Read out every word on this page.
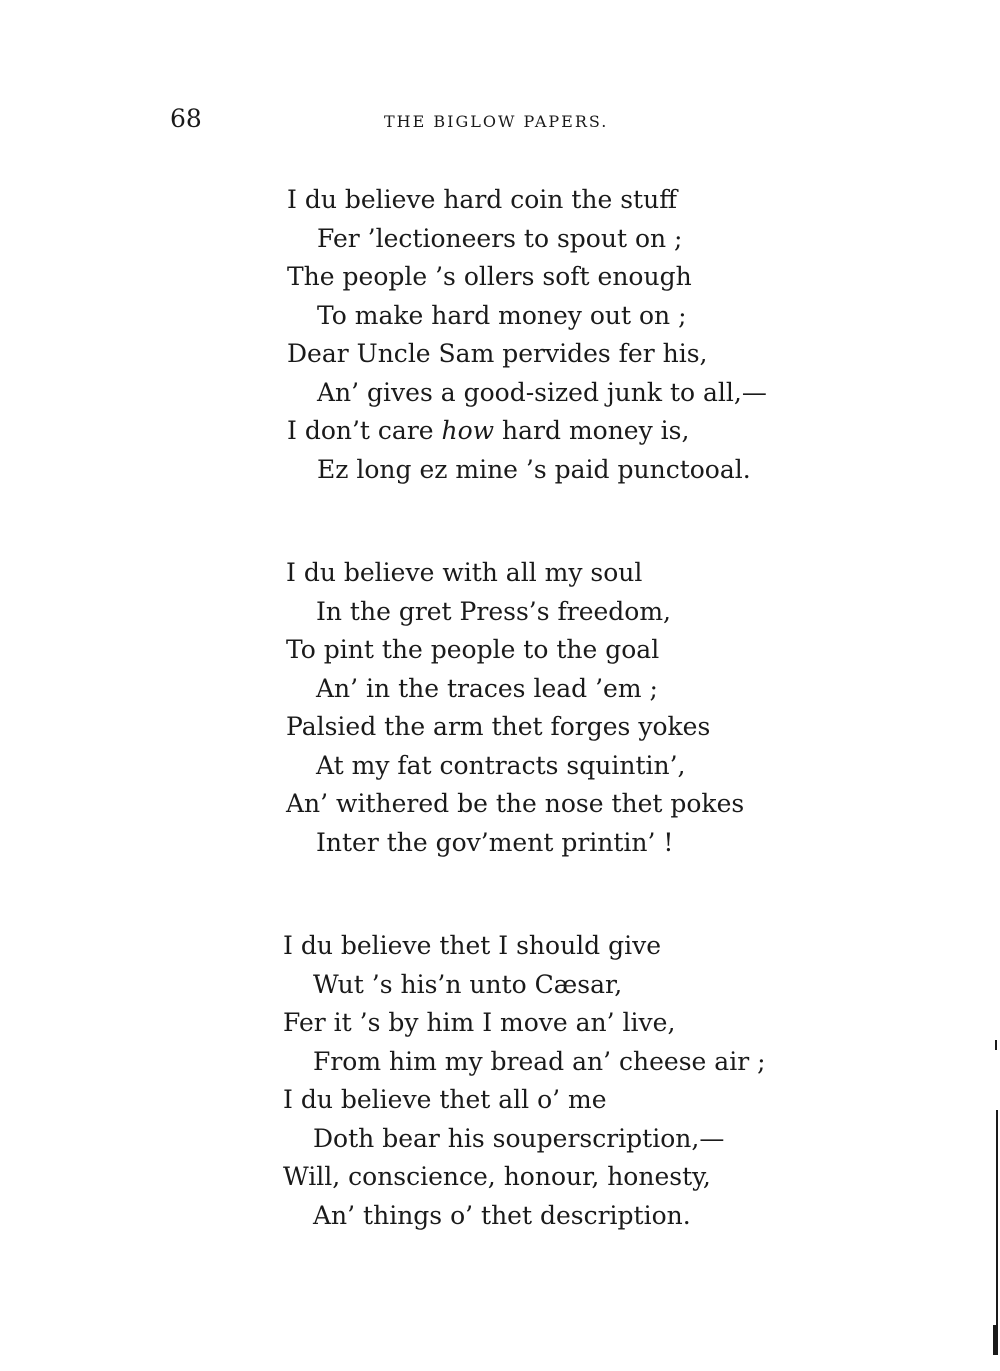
68	THE BIGLOW PAPERS.
I du believe hard coin the stuff
Fer ’lectioneers to spout on ;
The people ’s ollers soft enough
To make hard money out on ;
Dear Uncle Sam pervides fer his,
An’ gives a good-sized junk to all,—
I don’t care how hard money is,
Ez long ez mine ’s paid punctooal.
I du believe with all my soul
In the gret Press’s freedom,
To pint the people to the goal
An’ in the traces lead ’em ;
Palsied the arm thet forges yokes
At my fat contracts squintin’,
An’ withered be the nose thet pokes
Inter the gov’ment printin’ !
I du believe thet I should give
Wut ’s his’n unto Cæsar,
Fer it ’s by him I move an’ live,
From him my bread an’ cheese air ;
I du believe thet all o’ me
Doth bear his souperscription,—
Will, conscience, honour, honesty,
An’ things o’ thet description.
